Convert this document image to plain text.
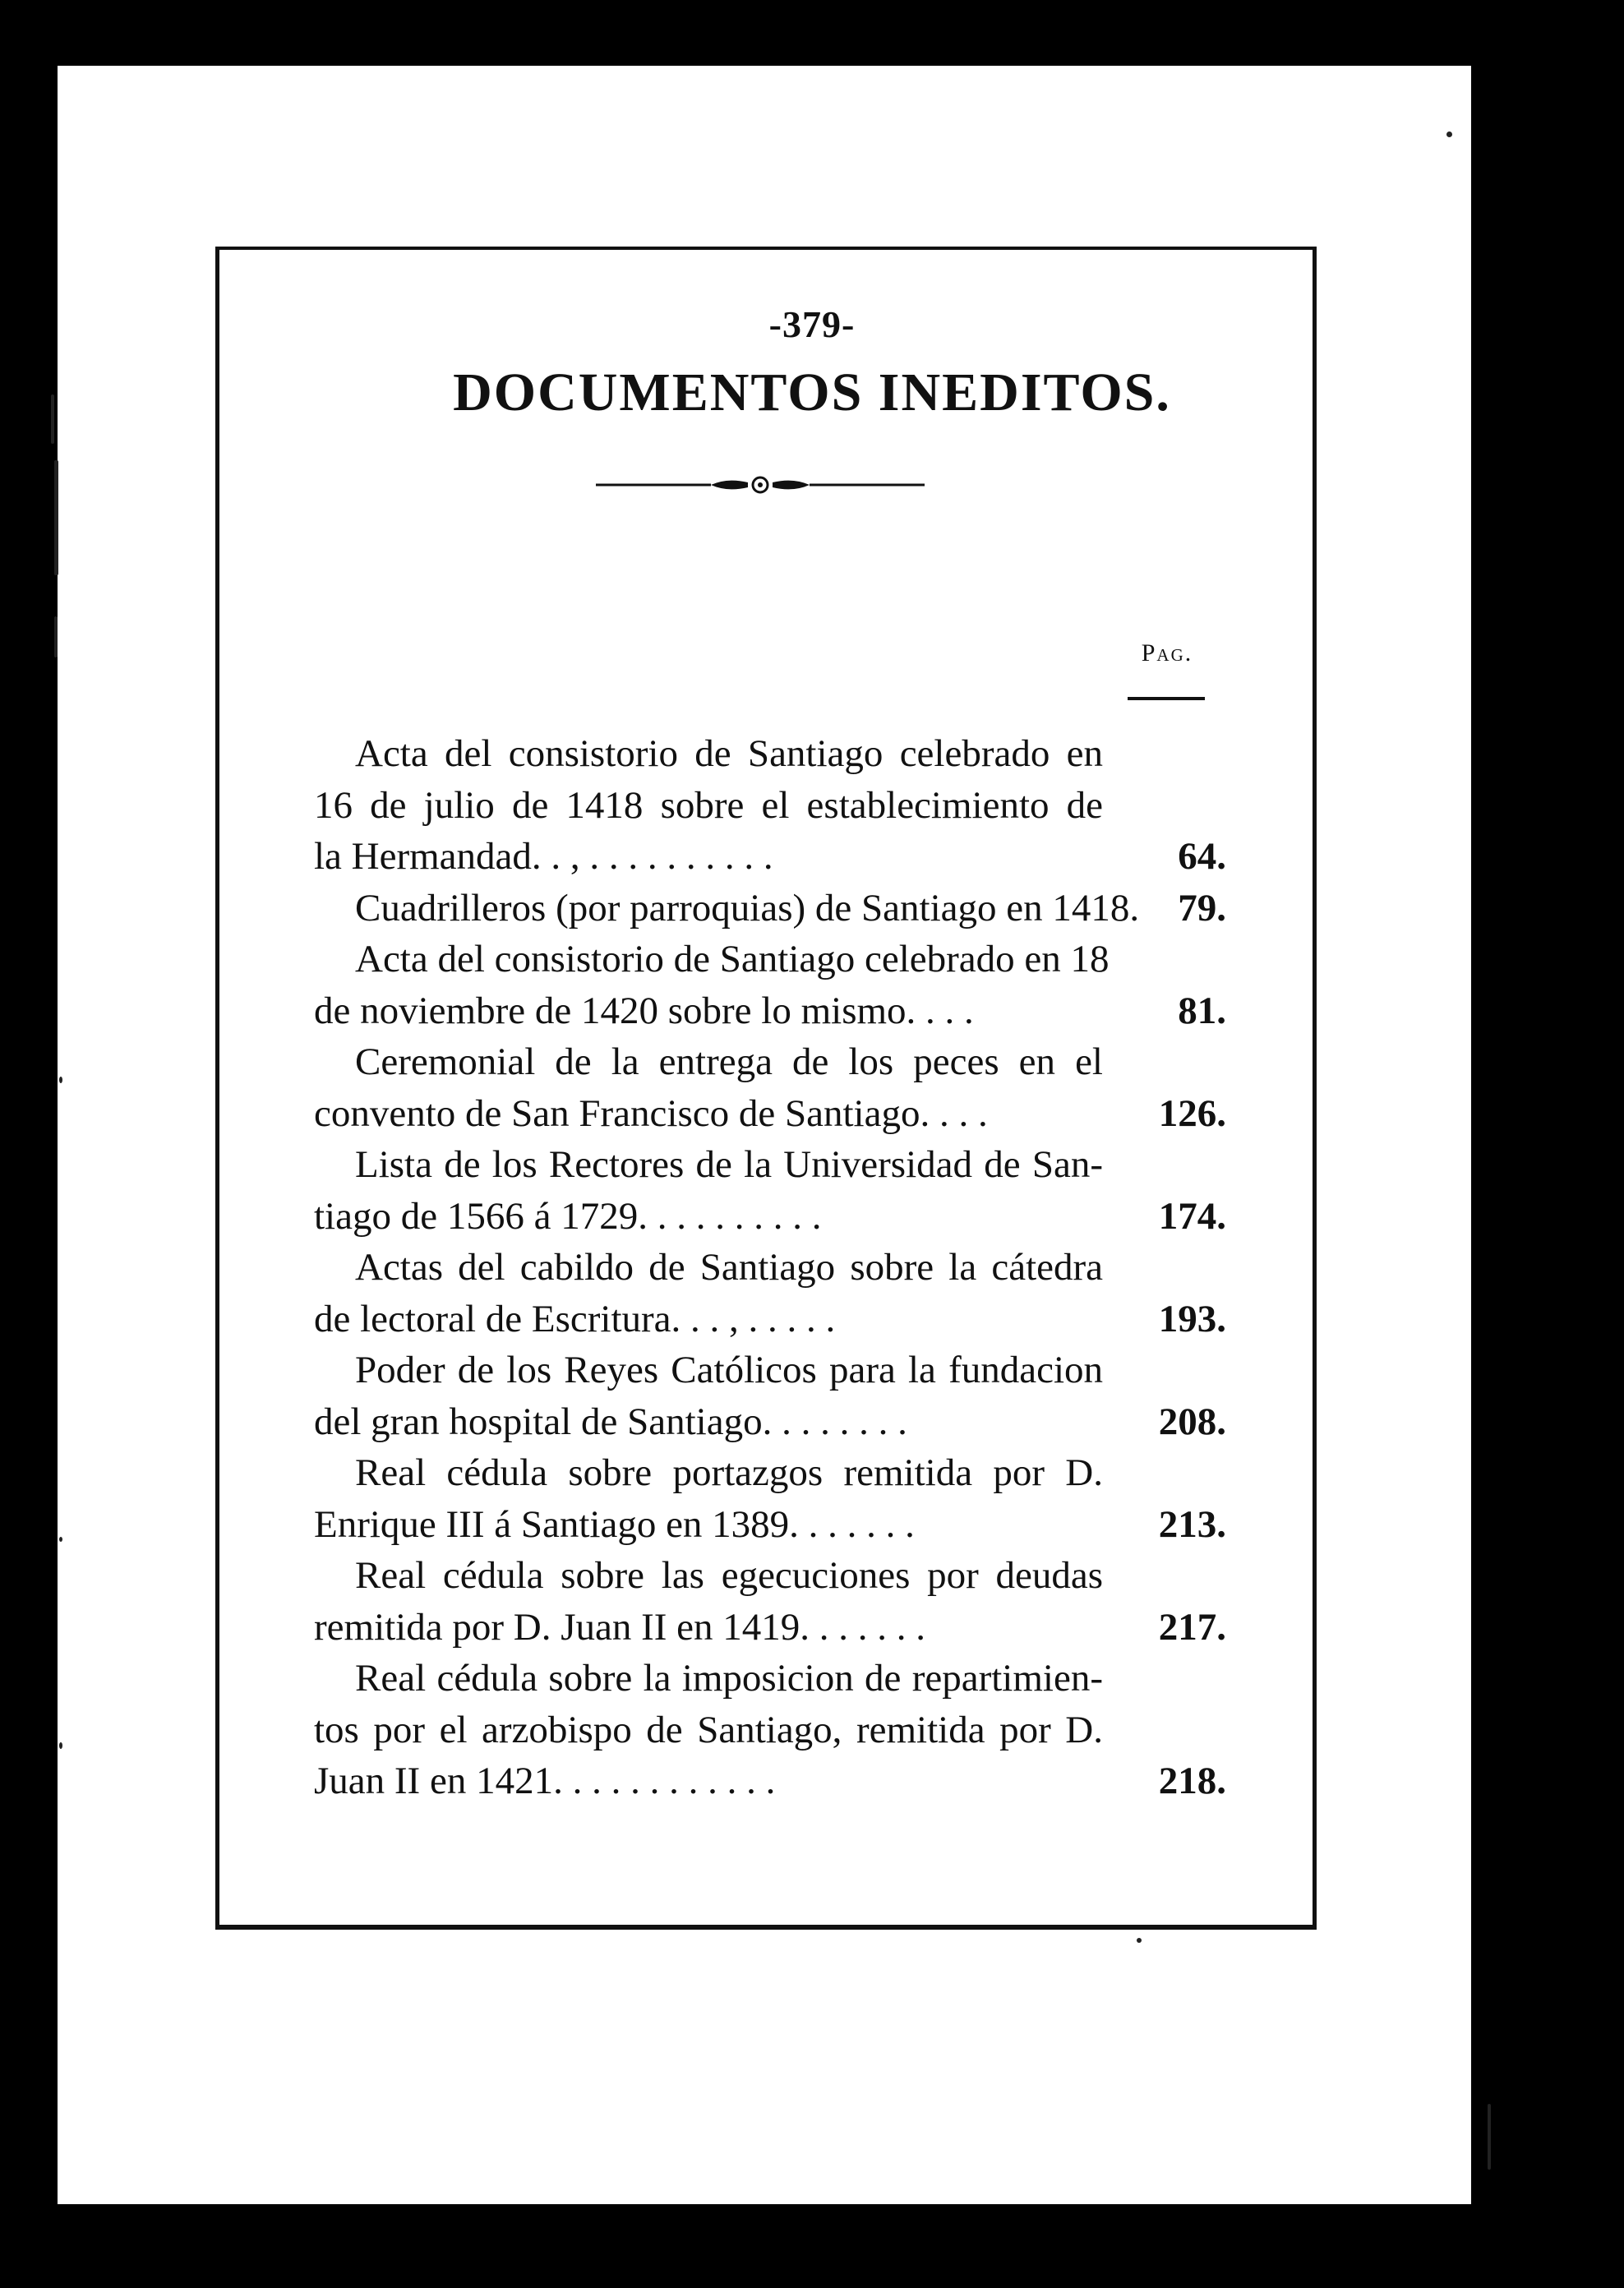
-379-
DOCUMENTOS INEDITOS.
Pag.
Acta del consistorio de Santiago celebrado en
16 de julio de 1418 sobre el establecimiento de
la Hermandad. . , . . . . . . . . . .	64.
Cuadrilleros (por parroquias) de Santiago en 1418.	79.
Acta del consistorio de Santiago celebrado en 18
de noviembre de 1420 sobre lo mismo. . . .	81.
Ceremonial de la entrega de los peces en el
convento de San Francisco de Santiago. . . .	126.
Lista de los Rectores de la Universidad de San-
tiago de 1566 á 1729. . . . . . . . . .	174.
Actas del cabildo de Santiago sobre la cátedra
de lectoral de Escritura. . . , . . . . .	193.
Poder de los Reyes Católicos para la fundacion
del gran hospital de Santiago. . . . . . . .	208.
Real cédula sobre portazgos remitida por D.
Enrique III á Santiago en 1389. . . . . . .	213.
Real cédula sobre las egecuciones por deudas
remitida por D. Juan II en 1419. . . . . . .	217.
Real cédula sobre la imposicion de repartimien-
tos por el arzobispo de Santiago, remitida por D.
Juan II en 1421. . . . . . . . . . . .	218.
